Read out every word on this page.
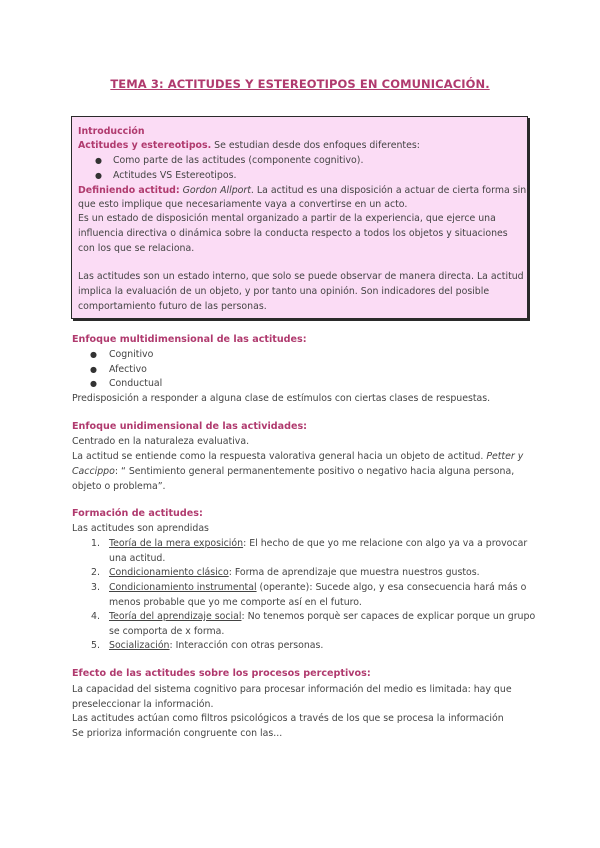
TEMA 3: ACTITUDES Y ESTEREOTIPOS EN COMUNICACIÓN.
Introducción
Actitudes y estereotipos. Se estudian desde dos enfoques diferentes:
● Como parte de las actitudes (componente cognitivo).
● Actitudes VS Estereotipos.
Definiendo actitud: Gordon Allport. La actitud es una disposición a actuar de cierta forma sin
que esto implique que necesariamente vaya a convertirse en un acto.
Es un estado de disposición mental organizado a partir de la experiencia, que ejerce una
influencia directiva o dinámica sobre la conducta respecto a todos los objetos y situaciones
con los que se relaciona.
Las actitudes son un estado interno, que solo se puede observar de manera directa. La actitud
implica la evaluación de un objeto, y por tanto una opinión. Son indicadores del posible
comportamiento futuro de las personas.
Enfoque multidimensional de las actitudes:
● Cognitivo
● Afectivo
● Conductual
Predisposición a responder a alguna clase de estímulos con ciertas clases de respuestas.
Enfoque unidimensional de las actividades:
Centrado en la naturaleza evaluativa.
La actitud se entiende como la respuesta valorativa general hacia un objeto de actitud. Petter y
Caccippo: “ Sentimiento general permanentemente positivo o negativo hacia alguna persona,
objeto o problema”.
Formación de actitudes:
Las actitudes son aprendidas
1. Teoría de la mera exposición: El hecho de que yo me relacione con algo ya va a provocar
una actitud.
2. Condicionamiento clásico: Forma de aprendizaje que muestra nuestros gustos.
3. Condicionamiento instrumental (operante): Sucede algo, y esa consecuencia hará más o
menos probable que yo me comporte así en el futuro.
4. Teoría del aprendizaje social: No tenemos porquè ser capaces de explicar porque un grupo
se comporta de x forma.
5. Socialización: Interacción con otras personas.
Efecto de las actitudes sobre los procesos perceptivos:
La capacidad del sistema cognitivo para procesar información del medio es limitada: hay que
preseleccionar la información.
Las actitudes actúan como filtros psicológicos a través de los que se procesa la información
Se prioriza información congruente con las...
